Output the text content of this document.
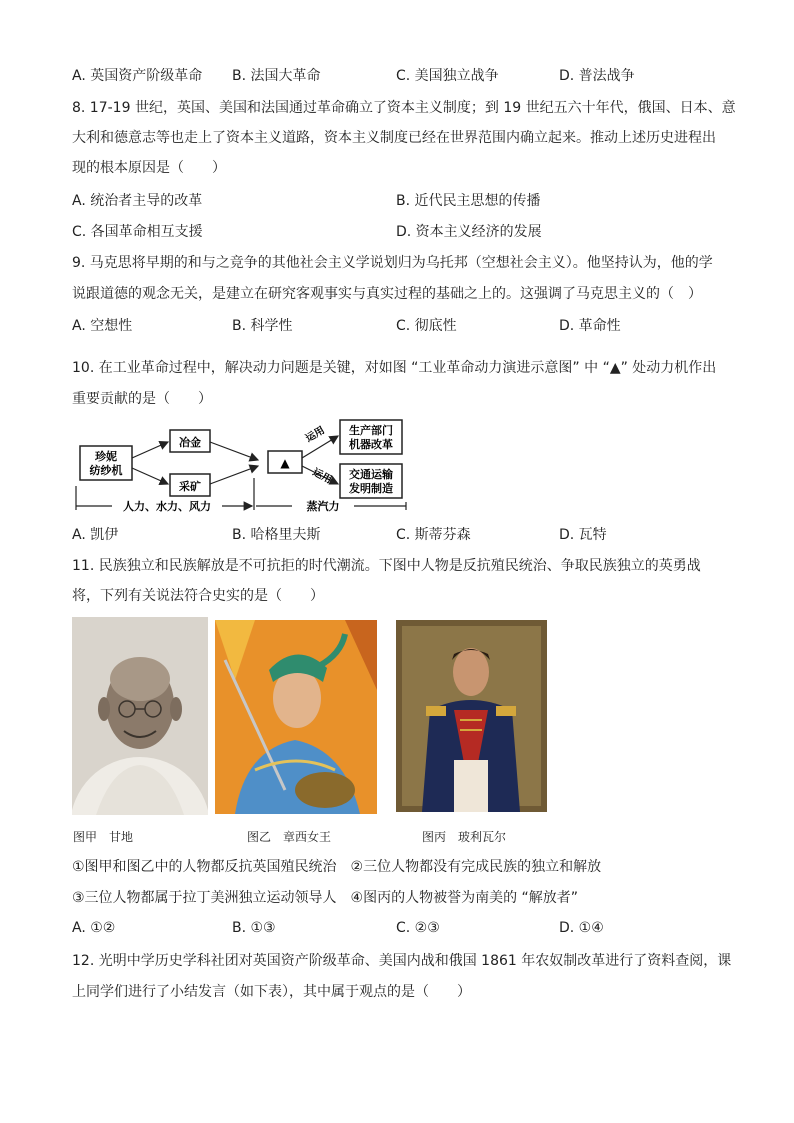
A. 英国资产阶级革命 B. 法国大革命	C. 美国独立战争	D. 普法战争
8. 17-19 世纪，英国、美国和法国通过革命确立了资本主义制度；到 19 世纪五六十年代，俄国、日本、意
大利和德意志等也走上了资本主义道路，资本主义制度已经在世界范围内确立起来。推动上述历史进程出
现的根本原因是（　　）
A. 统治者主导的改革	B. 近代民主思想的传播
C. 各国革命相互支援	D. 资本主义经济的发展
9. 马克思将早期的和与之竞争的其他社会主义学说划归为乌托邦（空想社会主义）。他坚持认为，他的学
说跟道德的观念无关，是建立在研究客观事实与真实过程的基础之上的。这强调了马克思主义的（　）
A. 空想性	B. 科学性	C. 彻底性	D. 革命性
10. 在工业革命过程中，解决动力问题是关键，对如图 “工业革命动力演进示意图” 中 “▲” 处动力机作出
重要贡献的是（　　）
珍妮
纺纱机
冶金
采矿
▲
运用
运用
生产部门
机器改革
交通运输
发明制造
人力、水力、风力	蒸汽力
A. 凯伊	B. 哈格里夫斯	C. 斯蒂芬森	D. 瓦特
11. 民族独立和民族解放是不可抗拒的时代潮流。下图中人物是反抗殖民统治、争取民族独立的英勇战
将，下列有关说法符合史实的是（　　）
图甲　甘地	图乙　章西女王	图丙　玻利瓦尔
①图甲和图乙中的人物都反抗英国殖民统治　②三位人物都没有完成民族的独立和解放
③三位人物都属于拉丁美洲独立运动领导人　④图丙的人物被誉为南美的 “解放者”
A. ①②	B. ①③	C. ②③	D. ①④
12. 光明中学历史学科社团对英国资产阶级革命、美国内战和俄国 1861 年农奴制改革进行了资料查阅，课
上同学们进行了小结发言（如下表），其中属于观点的是（　　）
